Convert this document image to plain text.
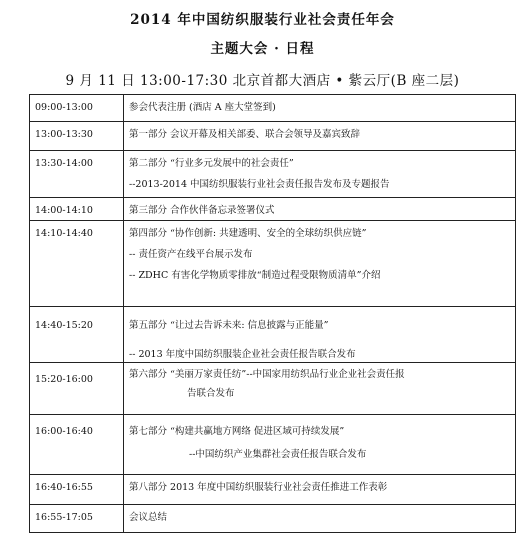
2014 年中国纺织服装行业社会责任年会
主题大会 · 日程
9 月 11 日 13:00-17:30 北京首都大酒店 • 紫云厅(B 座二层)
09:00-13:00	参会代表注册 (酒店 A 座大堂签到)

13:00-13:30	第一部分 会议开幕及相关部委、联合会领导及嘉宾致辞

13:30-14:00	第二部分 “行业多元发展中的社会责任”
--2013-2014 中国纺织服装行业社会责任报告发布及专题报告

14:00-14:10	第三部分 合作伙伴备忘录签署仪式

14:10-14:40	第四部分 “协作创新: 共建透明、安全的全球纺织供应链”
-- 责任资产在线平台展示发布
-- ZDHC 有害化学物质零排放“制造过程受限物质清单”介绍

14:40-15:20	第五部分 “让过去告诉未来: 信息披露与正能量”
-- 2013 年度中国纺织服装企业社会责任报告联合发布

15:20-16:00	第六部分 “美丽万家责任纺”--中国家用纺织品行业企业社会责任报
告联合发布

16:00-16:40	第七部分 “构建共赢地方网络 促进区域可持续发展”
--中国纺织产业集群社会责任报告联合发布

16:40-16:55	第八部分 2013 年度中国纺织服装行业社会责任推进工作表彰

16:55-17:05	会议总结
